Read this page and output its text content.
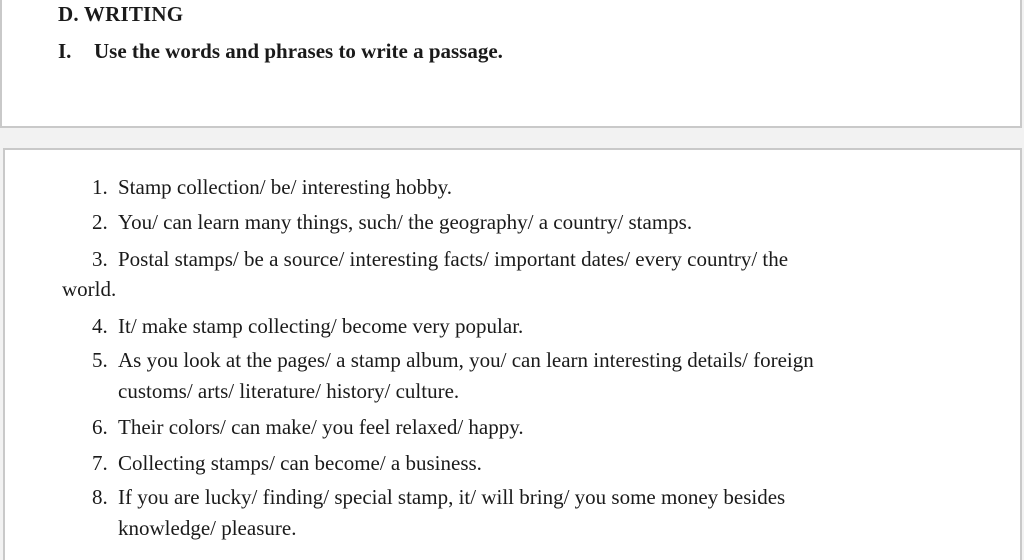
D. WRITING
I. Use the words and phrases to write a passage.
1. Stamp collection/ be/ interesting hobby.
2. You/ can learn many things, such/ the geography/ a country/ stamps.
3. Postal stamps/ be a source/ interesting facts/ important dates/ every country/ the
world.
4. It/ make stamp collecting/ become very popular.
5. As you look at the pages/ a stamp album, you/ can learn interesting details/ foreign
customs/ arts/ literature/ history/ culture.
6. Their colors/ can make/ you feel relaxed/ happy.
7. Collecting stamps/ can become/ a business.
8. If you are lucky/ finding/ special stamp, it/ will bring/ you some money besides
knowledge/ pleasure.
